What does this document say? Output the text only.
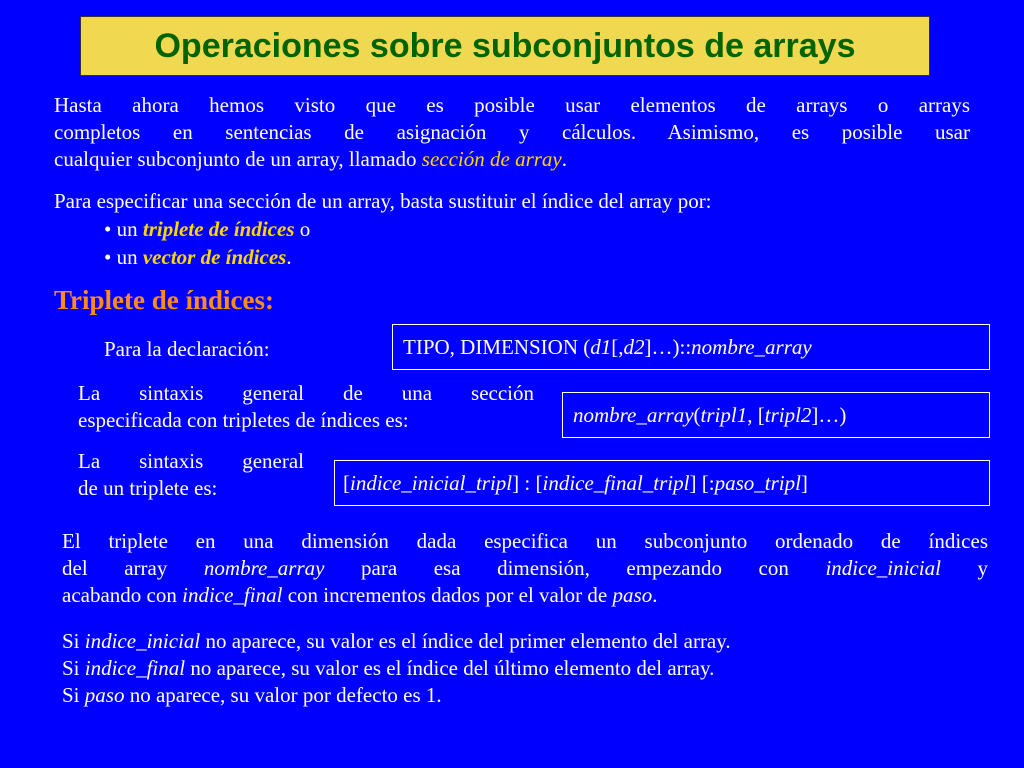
Operaciones sobre subconjuntos de arrays
Hasta ahora hemos visto que es posible usar elementos de arrays o arrays
completos en sentencias de asignación y cálculos. Asimismo, es posible usar
cualquier subconjunto de un array, llamado sección de array.
Para especificar una sección de un array, basta sustituir el índice del array por:
• un triplete de índices o
• un vector de índices.
Triplete de índices:
Para la declaración:	TIPO, DIMENSION ( d1 [, d2 ]…):: nombre_array
La sintaxis general de una sección
especificada con tripletes de índices es:	nombre_array ( tripl1 , [ tripl2 ]…)
La sintaxis general
de un triplete es:	[ indice_inicial_tripl ] : [ indice_final_tripl ] [: paso_tripl ]
El triplete en una dimensión dada especifica un subconjunto ordenado de índices
del array nombre_array para esa dimensión, empezando con indice_inicial y
acabando con indice_final con incrementos dados por el valor de paso.
Si indice_inicial no aparece, su valor es el índice del primer elemento del array.
Si indice_final no aparece, su valor es el índice del último elemento del array.
Si paso no aparece, su valor por defecto es 1.
